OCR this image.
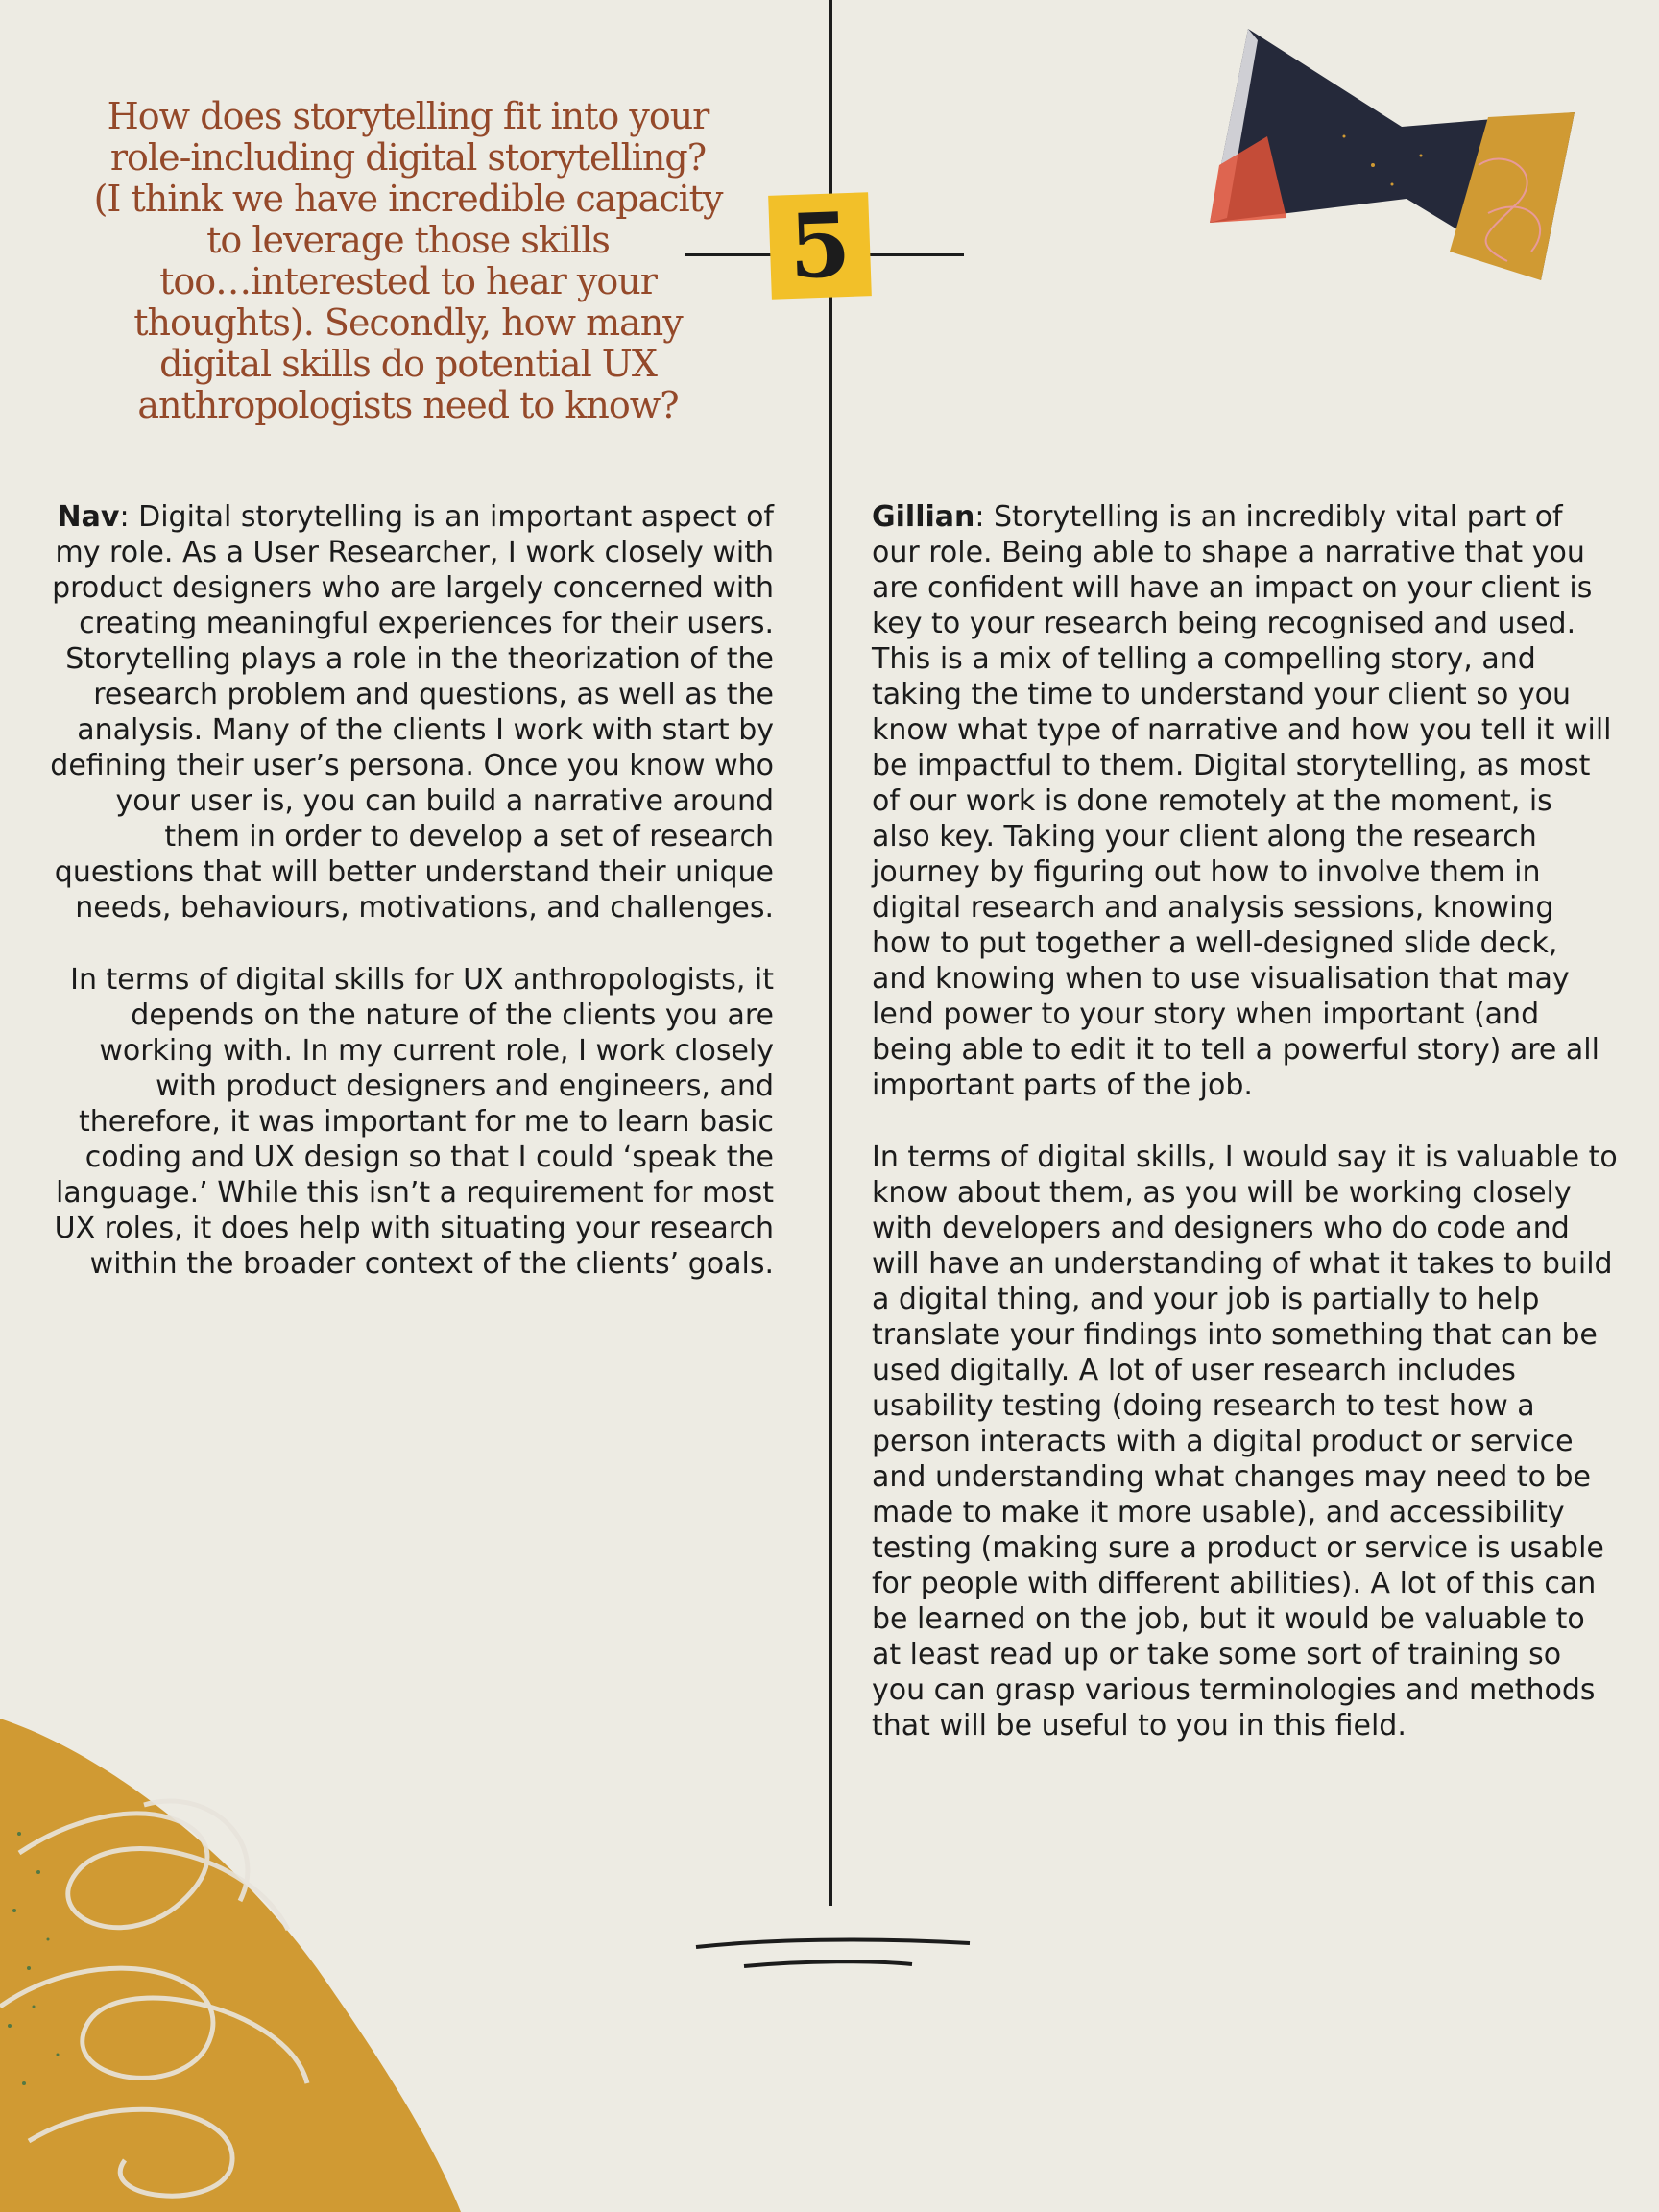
5
How does storytelling fit into your
role-including digital storytelling?
(I think we have incredible capacity
to leverage those skills
too…interested to hear your
thoughts). Secondly, how many
digital skills do potential UX
anthropologists need to know?

Nav: Digital storytelling is an important aspect of my role. As a User Researcher, I work closely with product designers who are largely concerned with creating meaningful experiences for their users. Storytelling plays a role in the theorization of the research problem and questions, as well as the analysis. Many of the clients I work with start by defining their user’s persona. Once you know who your user is, you can build a narrative around them in order to develop a set of research questions that will better understand their unique needs, behaviours, motivations, and challenges.

In terms of digital skills for UX anthropologists, it depends on the nature of the clients you are working with. In my current role, I work closely with product designers and engineers, and therefore, it was important for me to learn basic coding and UX design so that I could ‘speak the language.’ While this isn’t a requirement for most UX roles, it does help with situating your research within the broader context of the clients’ goals.

Gillian: Storytelling is an incredibly vital part of our role. Being able to shape a narrative that you are confident will have an impact on your client is key to your research being recognised and used. This is a mix of telling a compelling story, and taking the time to understand your client so you know what type of narrative and how you tell it will be impactful to them. Digital storytelling, as most of our work is done remotely at the moment, is also key. Taking your client along the research journey by figuring out how to involve them in digital research and analysis sessions, knowing how to put together a well-designed slide deck, and knowing when to use visualisation that may lend power to your story when important (and being able to edit it to tell a powerful story) are all important parts of the job.

In terms of digital skills, I would say it is valuable to know about them, as you will be working closely with developers and designers who do code and will have an understanding of what it takes to build a digital thing, and your job is partially to help translate your findings into something that can be used digitally. A lot of user research includes usability testing (doing research to test how a person interacts with a digital product or service and understanding what changes may need to be made to make it more usable), and accessibility testing (making sure a product or service is usable for people with different abilities). A lot of this can be learned on the job, but it would be valuable to at least read up or take some sort of training so you can grasp various terminologies and methods that will be useful to you in this field.
